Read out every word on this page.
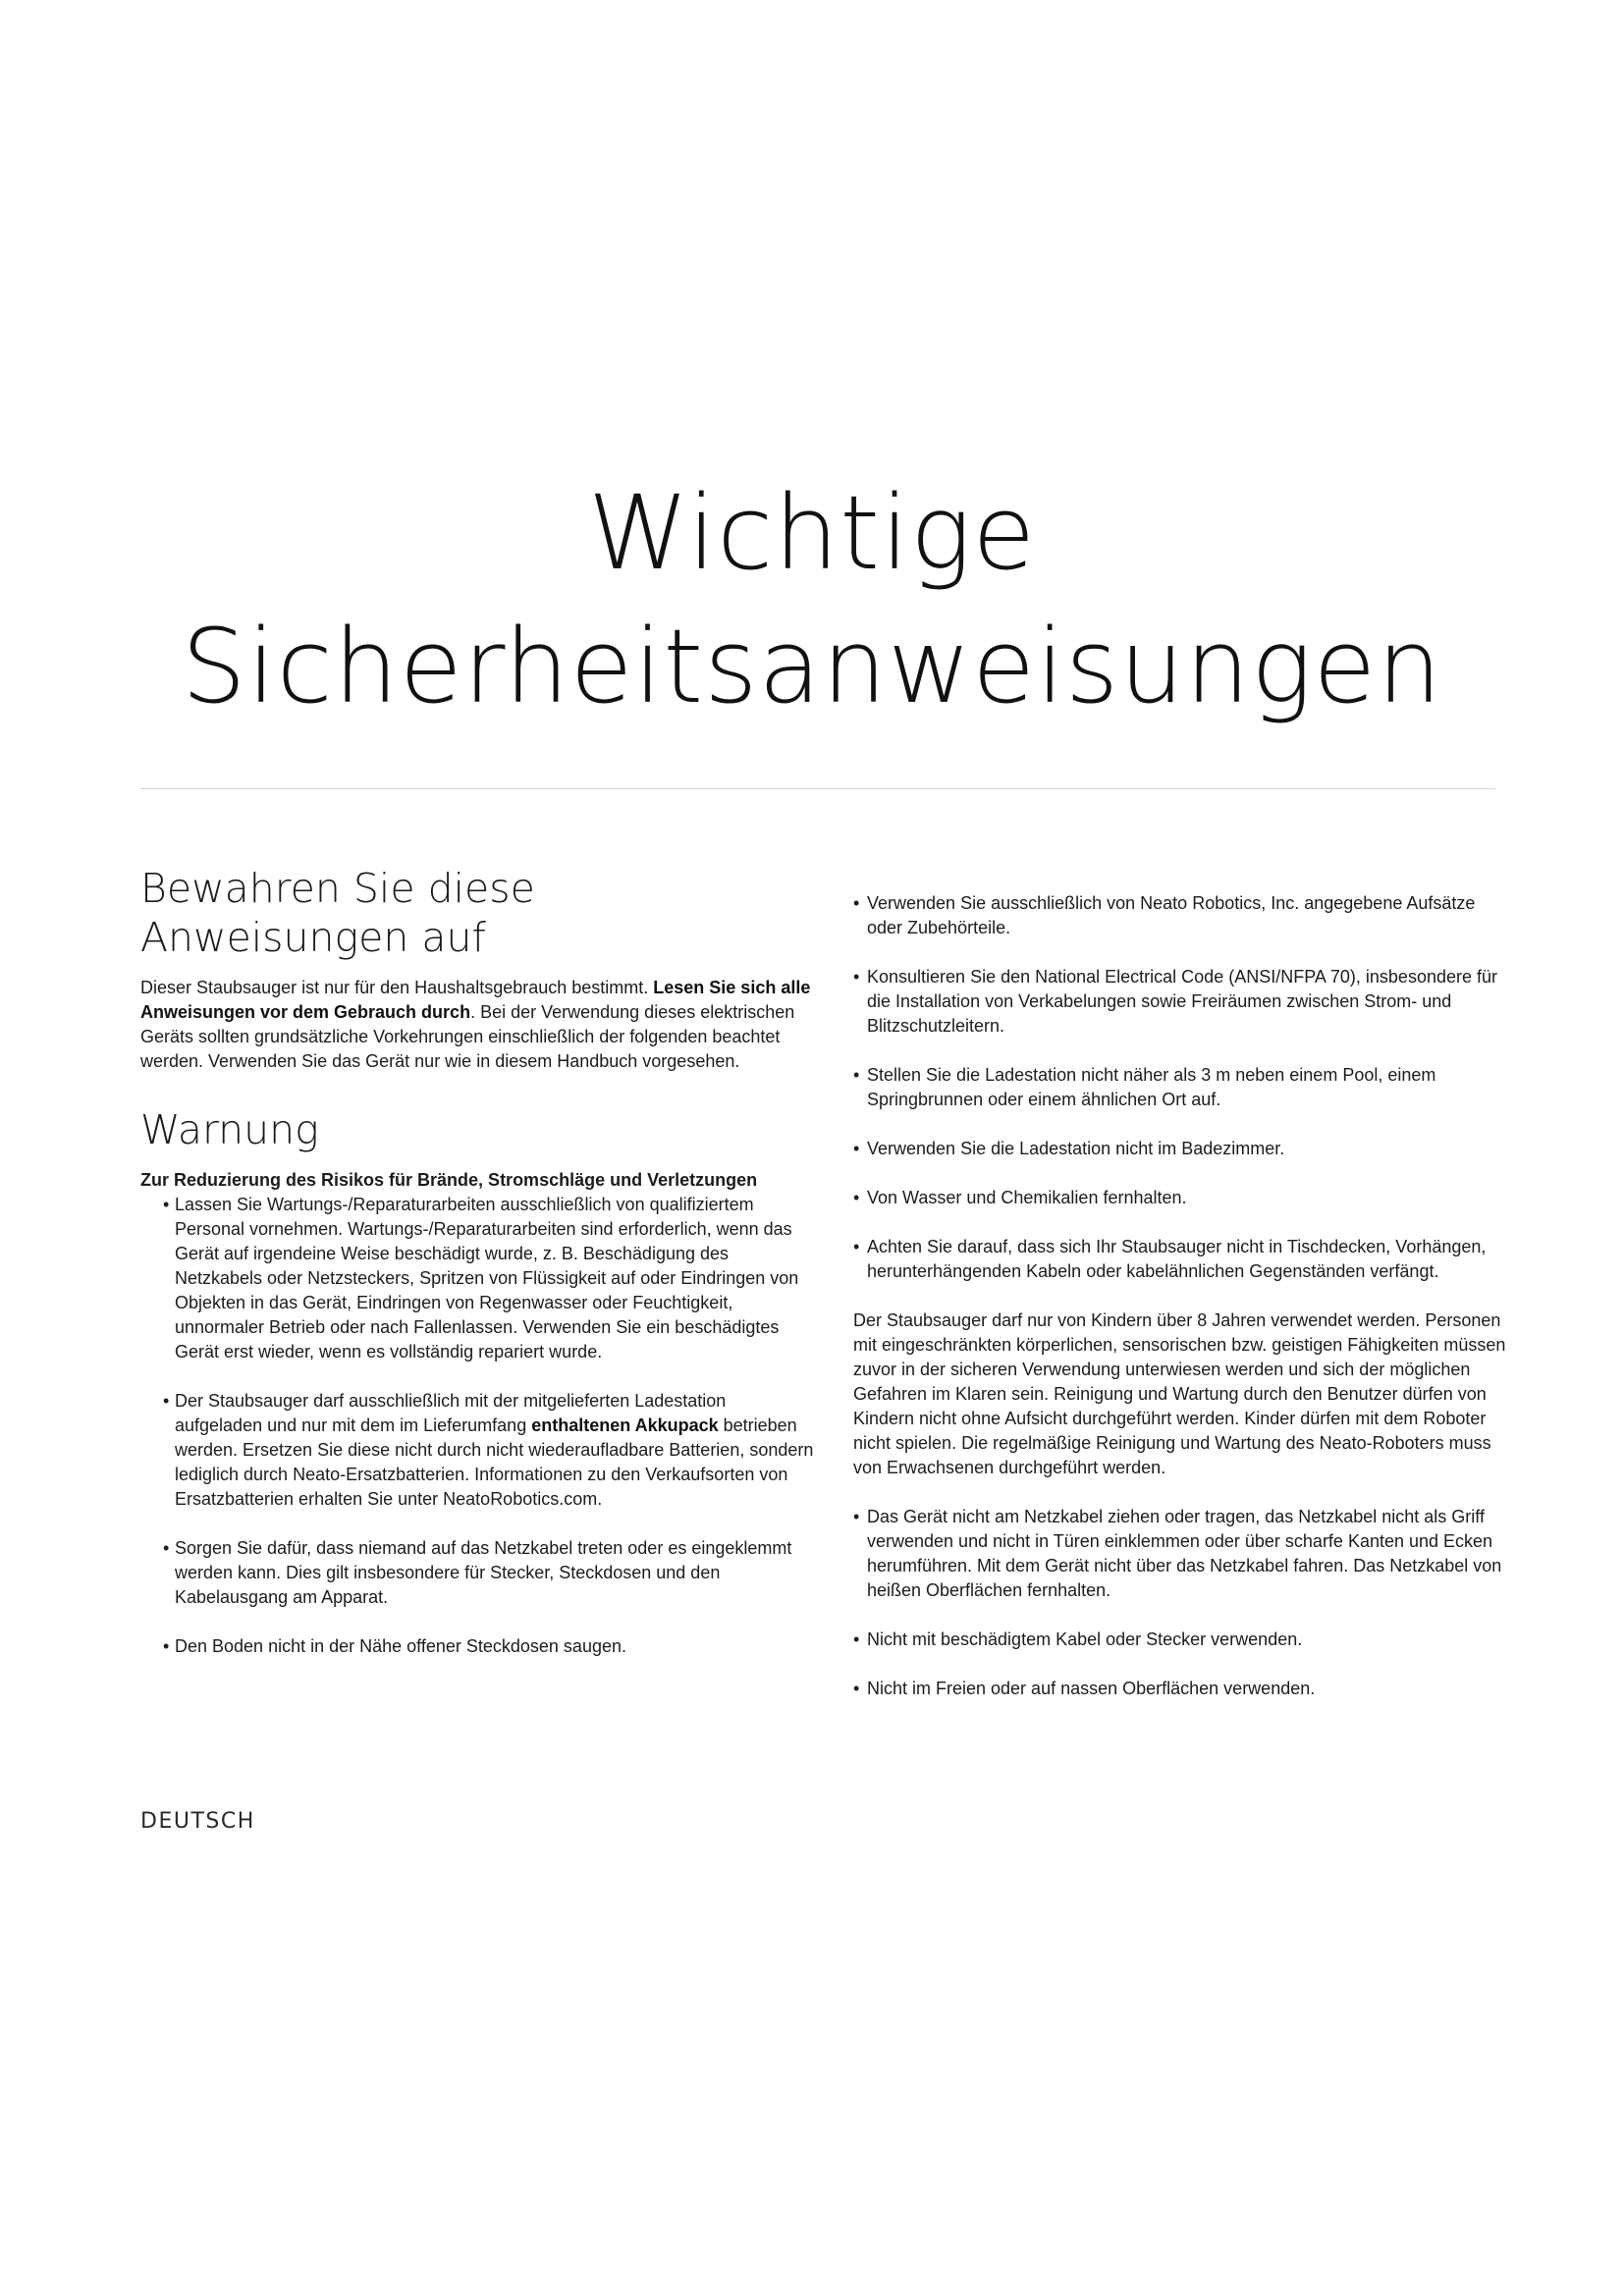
Wichtige
Sicherheitsanweisungen
Bewahren Sie diese
Anweisungen auf

Dieser Staubsauger ist nur für den Haushaltsgebrauch bestimmt. Lesen Sie sich alle Anweisungen vor dem Gebrauch durch. Bei der Verwendung dieses elektrischen Geräts sollten grundsätzliche Vorkehrungen einschließlich der folgenden beachtet werden. Verwenden Sie das Gerät nur wie in diesem Handbuch vorgesehen.

Warnung

Zur Reduzierung des Risikos für Brände, Stromschläge und Verletzungen

• Lassen Sie Wartungs-/Reparaturarbeiten ausschließlich von qualifiziertem Personal vornehmen. Wartungs-/Reparaturarbeiten sind erforderlich, wenn das Gerät auf irgendeine Weise beschädigt wurde, z. B. Beschädigung des Netzkabels oder Netzsteckers, Spritzen von Flüssigkeit auf oder Eindringen von Objekten in das Gerät, Eindringen von Regenwasser oder Feuchtigkeit, unnormaler Betrieb oder nach Fallenlassen. Verwenden Sie ein beschädigtes Gerät erst wieder, wenn es vollständig repariert wurde.
• Der Staubsauger darf ausschließlich mit der mitgelieferten Ladestation aufgeladen und nur mit dem im Lieferumfang enthaltenen Akkupack betrieben werden. Ersetzen Sie diese nicht durch nicht wiederaufladbare Batterien, sondern lediglich durch Neato-Ersatzbatterien. Informationen zu den Verkaufsorten von Ersatzbatterien erhalten Sie unter NeatoRobotics.com.
• Sorgen Sie dafür, dass niemand auf das Netzkabel treten oder es eingeklemmt werden kann. Dies gilt insbesondere für Stecker, Steckdosen und den Kabelausgang am Apparat.
• Den Boden nicht in der Nähe offener Steckdosen saugen.
• Verwenden Sie ausschließlich von Neato Robotics, Inc. angegebene Aufsätze oder Zubehörteile.
• Konsultieren Sie den National Electrical Code (ANSI/NFPA 70), insbesondere für die Installation von Verkabelungen sowie Freiräumen zwischen Strom- und Blitzschutzleitern.
• Stellen Sie die Ladestation nicht näher als 3 m neben einem Pool, einem Springbrunnen oder einem ähnlichen Ort auf.
• Verwenden Sie die Ladestation nicht im Badezimmer.
• Von Wasser und Chemikalien fernhalten.
• Achten Sie darauf, dass sich Ihr Staubsauger nicht in Tischdecken, Vorhängen, herunterhängenden Kabeln oder kabelähnlichen Gegenständen verfängt.

Der Staubsauger darf nur von Kindern über 8 Jahren verwendet werden. Personen mit eingeschränkten körperlichen, sensorischen bzw. geistigen Fähigkeiten müssen zuvor in der sicheren Verwendung unterwiesen werden und sich der möglichen Gefahren im Klaren sein. Reinigung und Wartung durch den Benutzer dürfen von Kindern nicht ohne Aufsicht durchgeführt werden. Kinder dürfen mit dem Roboter nicht spielen. Die regelmäßige Reinigung und Wartung des Neato-Roboters muss von Erwachsenen durchgeführt werden.

• Das Gerät nicht am Netzkabel ziehen oder tragen, das Netzkabel nicht als Griff verwenden und nicht in Türen einklemmen oder über scharfe Kanten und Ecken herumführen. Mit dem Gerät nicht über das Netzkabel fahren. Das Netzkabel von heißen Oberflächen fernhalten.
• Nicht mit beschädigtem Kabel oder Stecker verwenden.
• Nicht im Freien oder auf nassen Oberflächen verwenden.
DEUTSCH
